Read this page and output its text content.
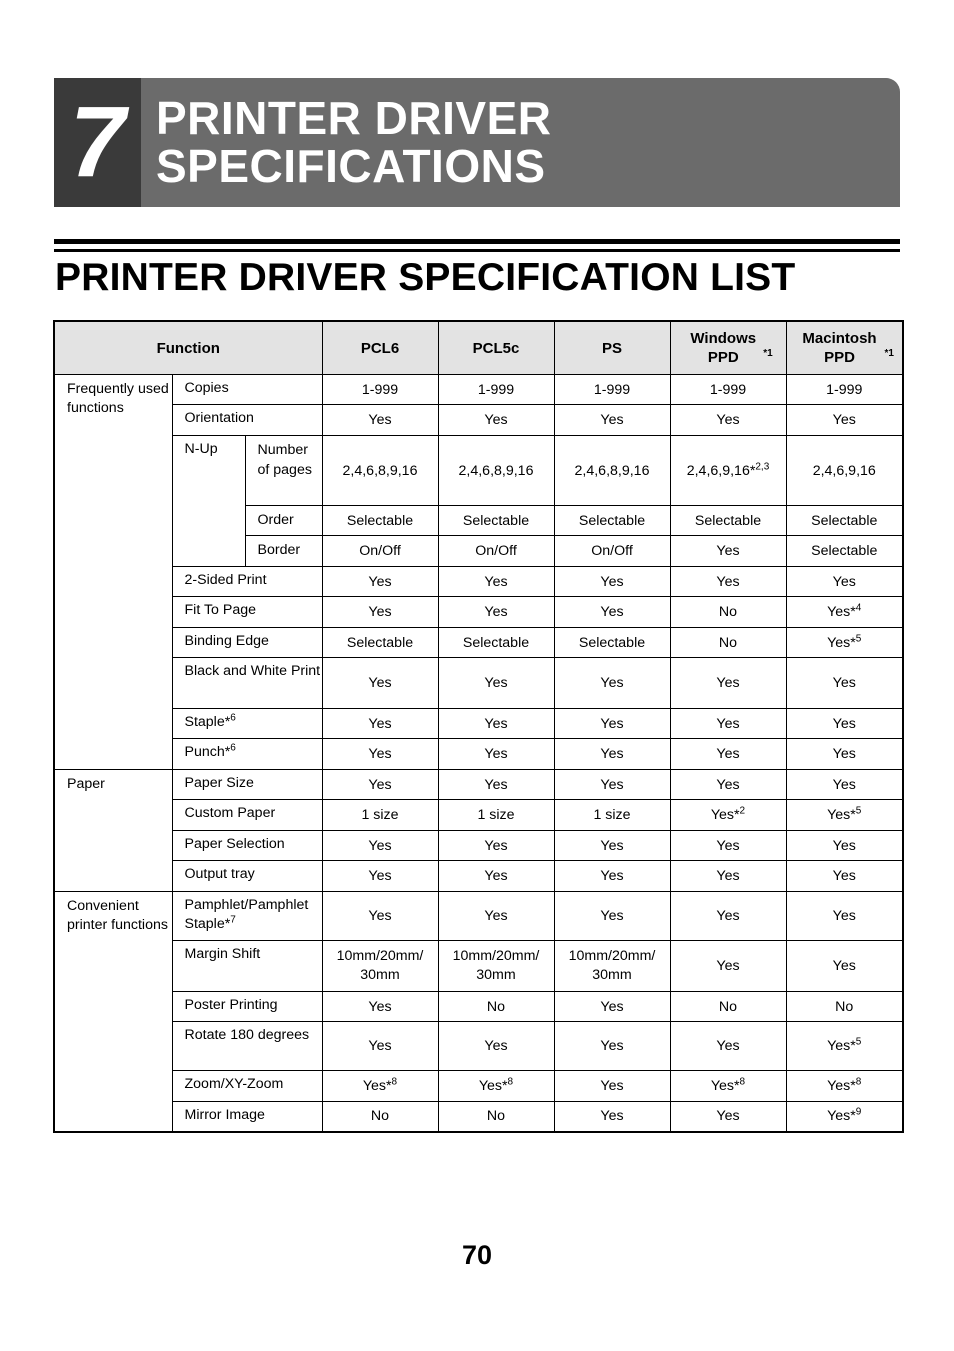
7 PRINTER DRIVER
SPECIFICATIONS
PRINTER DRIVER SPECIFICATION LIST
Function			PCL6	PCL5c	PS	Windows PPD $^{*1}$	Macintosh PPD $^{*1}$
Frequently used functions	Copies		1-999	1-999	1-999	1-999	1-999
	Orientation		Yes	Yes	Yes	Yes	Yes
	N-Up	Number of pages	2,4,6,8,9,16	2,4,6,8,9,16	2,4,6,8,9,16	2,4,6,9,16*$^{2,3}$	2,4,6,9,16
		Order	Selectable	Selectable	Selectable	Selectable	Selectable
		Border	On/Off	On/Off	On/Off	Yes	Selectable
	2-Sided Print		Yes	Yes	Yes	Yes	Yes
	Fit To Page		Yes	Yes	Yes	No	Yes*$^4$
	Binding Edge		Selectable	Selectable	Selectable	No	Yes*$^5$
	Black and White Print		Yes	Yes	Yes	Yes	Yes
	Staple*$^6$		Yes	Yes	Yes	Yes	Yes
	Punch*$^6$		Yes	Yes	Yes	Yes	Yes
Paper	Paper Size		Yes	Yes	Yes	Yes	Yes
	Custom Paper		1 size	1 size	1 size	Yes*$^2$	Yes*$^5$
	Paper Selection		Yes	Yes	Yes	Yes	Yes
	Output tray		Yes	Yes	Yes	Yes	Yes
Convenient printer functions	Pamphlet/Pamphlet Staple*$^7$		Yes	Yes	Yes	Yes	Yes
	Margin Shift		10mm/20mm/ 30mm	10mm/20mm/ 30mm	10mm/20mm/ 30mm	Yes	Yes
	Poster Printing		Yes	No	Yes	No	No
	Rotate 180 degrees		Yes	Yes	Yes	Yes	Yes*$^5$
	Zoom/XY-Zoom		Yes*$^8$	Yes*$^8$	Yes	Yes*$^8$	Yes*$^8$
	Mirror Image		No	No	Yes	Yes	Yes*$^9$
70
